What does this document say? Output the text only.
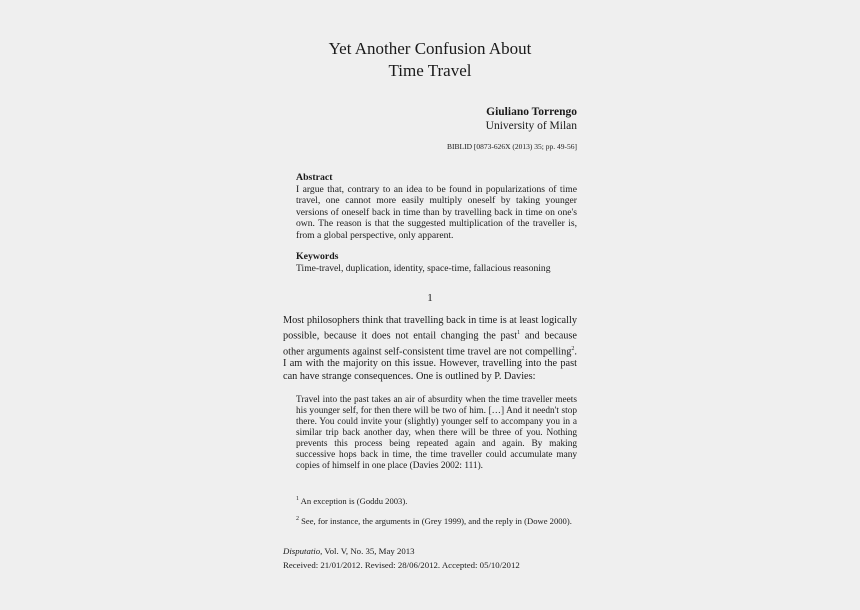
Yet Another Confusion About
Time Travel
Giuliano Torrengo
University of Milan
BIBLID [0873-626X (2013) 35; pp. 49-56]
Abstract
I argue that, contrary to an idea to be found in popularizations of time travel, one cannot more easily multiply oneself by taking younger versions of oneself back in time than by travelling back in time on one's own. The reason is that the suggested multiplication of the traveller is, from a global perspective, only apparent.
Keywords
Time-travel, duplication, identity, space-time, fallacious reasoning
1
Most philosophers think that travelling back in time is at least logically possible, because it does not entail changing the past$^1$ and because other arguments against self-consistent time travel are not compelling$^2$. I am with the majority on this issue. However, travelling into the past can have strange consequences. One is outlined by P. Davies:
Travel into the past takes an air of absurdity when the time traveller meets his younger self, for then there will be two of him. […] And it needn't stop there. You could invite your (slightly) younger self to accompany you in a similar trip back another day, when there will be three of you. Nothing prevents this process being repeated again and again. By making successive hops back in time, the time traveller could accumulate many copies of himself in one place (Davies 2002: 111).
$^1$ An exception is (Goddu 2003).
$^2$ See, for instance, the arguments in (Grey 1999), and the reply in (Dowe 2000).
Disputatio, Vol. V, No. 35, May 2013
Received: 21/01/2012. Revised: 28/06/2012. Accepted: 05/10/2012
